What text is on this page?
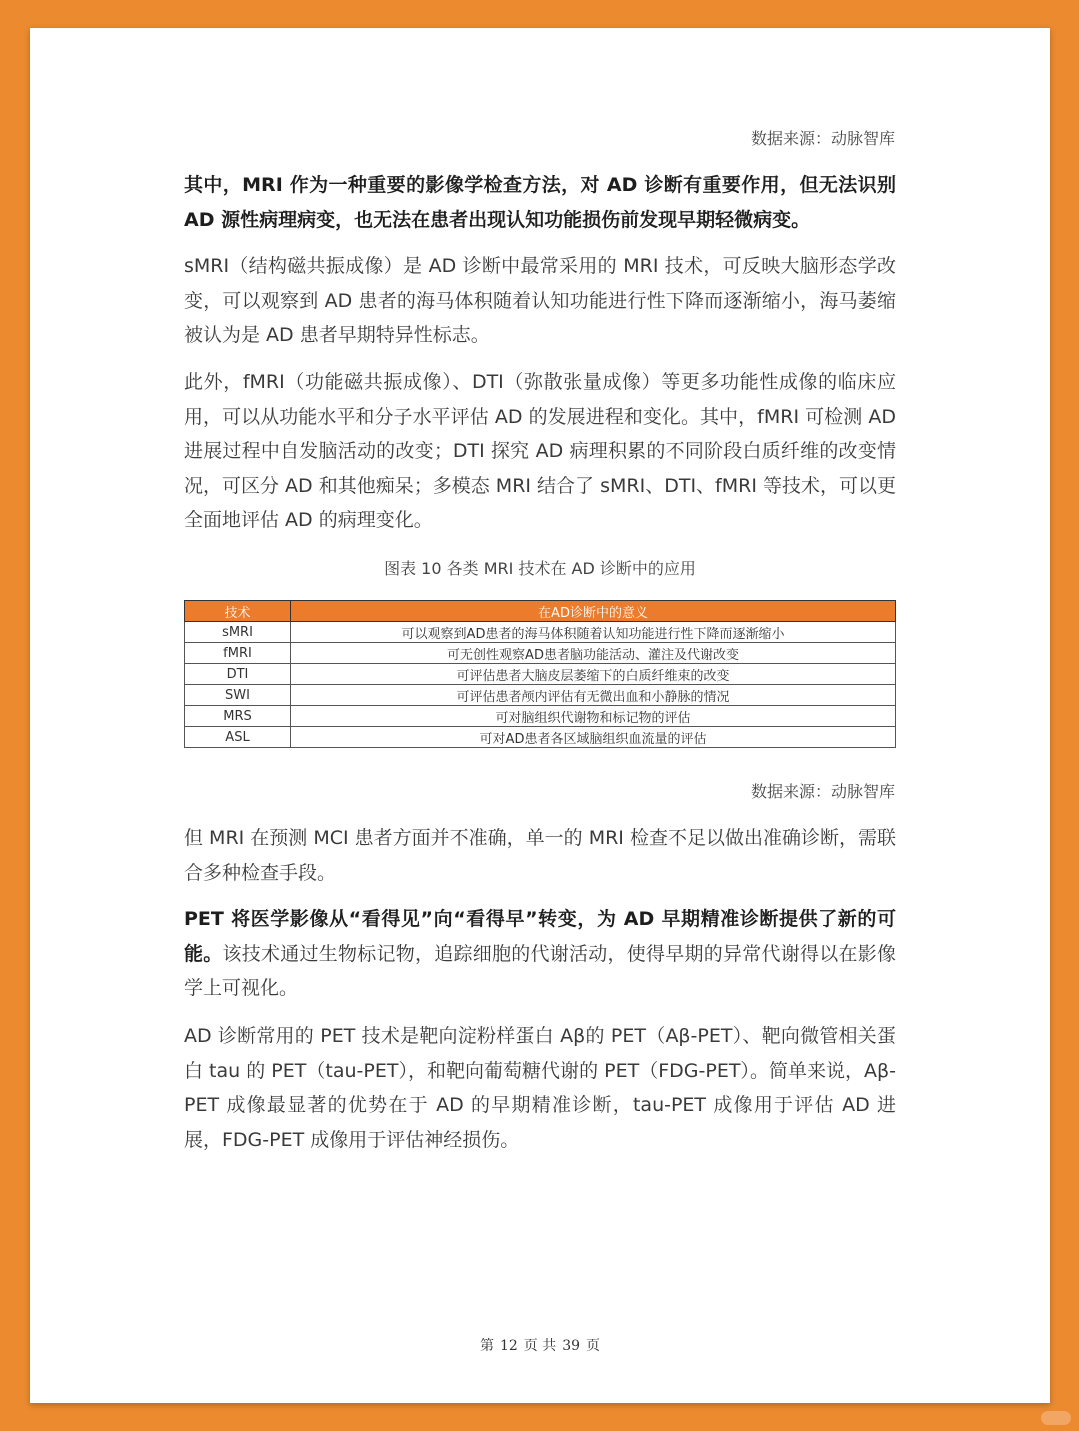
数据来源：动脉智库

其中，MRI 作为一种重要的影像学检查方法，对 AD 诊断有重要作用，但无法识别 AD 源性病理病变，也无法在患者出现认知功能损伤前发现早期轻微病变。

sMRI（结构磁共振成像）是 AD 诊断中最常采用的 MRI 技术，可反映大脑形态学改变，可以观察到 AD 患者的海马体积随着认知功能进行性下降而逐渐缩小，海马萎缩被认为是 AD 患者早期特异性标志。

此外，fMRI（功能磁共振成像）、DTI（弥散张量成像）等更多功能性成像的临床应用，可以从功能水平和分子水平评估 AD 的发展进程和变化。其中，fMRI 可检测 AD 进展过程中自发脑活动的改变；DTI 探究 AD 病理积累的不同阶段白质纤维的改变情况，可区分 AD 和其他痴呆；多模态 MRI 结合了 sMRI、DTI、fMRI 等技术，可以更全面地评估 AD 的病理变化。

图表 10 各类 MRI 技术在 AD 诊断中的应用
技术	在AD诊断中的意义
sMRI	可以观察到AD患者的海马体积随着认知功能进行性下降而逐渐缩小
fMRI	可无创性观察AD患者脑功能活动、灌注及代谢改变
DTI	可评估患者大脑皮层萎缩下的白质纤维束的改变
SWI	可评估患者颅内评估有无微出血和小静脉的情况
MRS	可对脑组织代谢物和标记物的评估
ASL	可对AD患者各区域脑组织血流量的评估
数据来源：动脉智库

但 MRI 在预测 MCI 患者方面并不准确，单一的 MRI 检查不足以做出准确诊断，需联合多种检查手段。

PET 将医学影像从“看得见”向“看得早”转变，为 AD 早期精准诊断提供了新的可能。该技术通过生物标记物，追踪细胞的代谢活动，使得早期的异常代谢得以在影像学上可视化。

AD 诊断常用的 PET 技术是靶向淀粉样蛋白 Aβ的 PET（Aβ-PET）、靶向微管相关蛋白 tau 的 PET（tau-PET），和靶向葡萄糖代谢的 PET（FDG-PET）。简单来说，Aβ-PET 成像最显著的优势在于 AD 的早期精准诊断，tau-PET 成像用于评估 AD 进展，FDG-PET 成像用于评估神经损伤。

第 12 页 共 39 页
